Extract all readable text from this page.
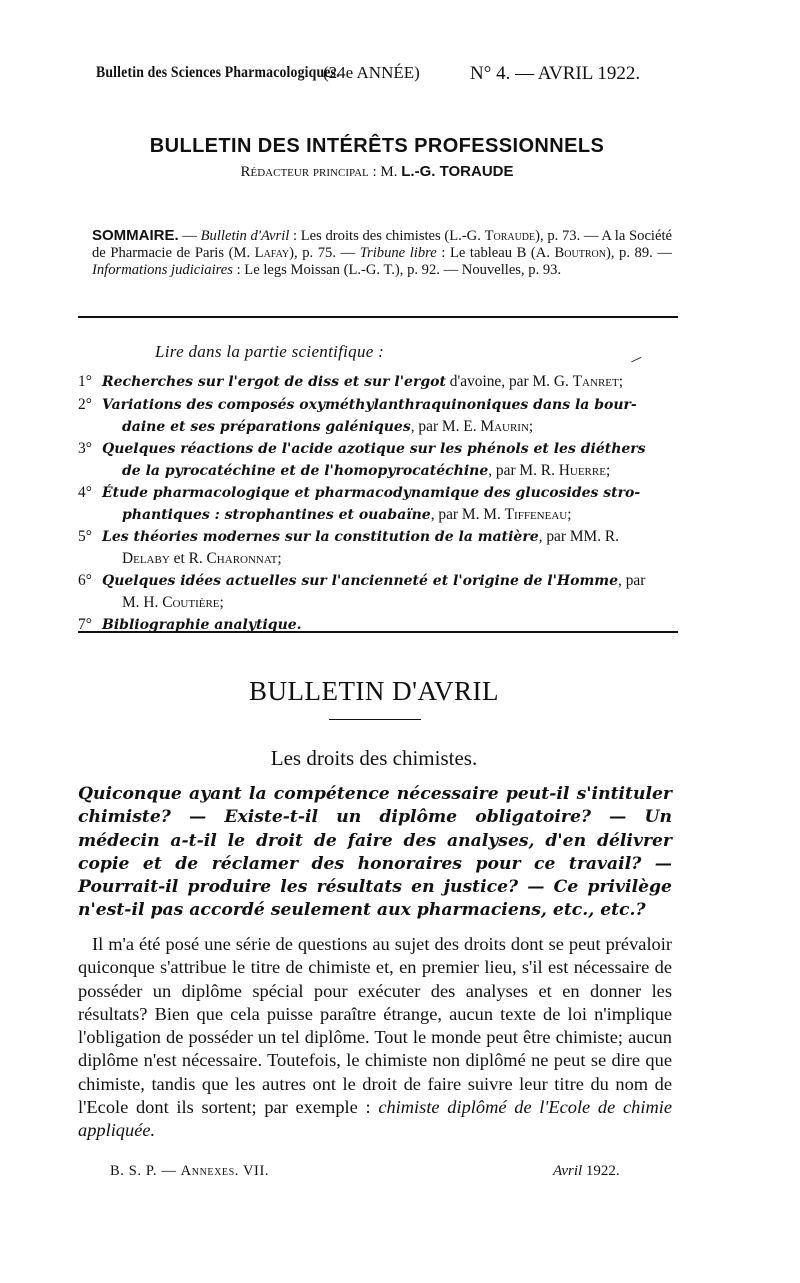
Bulletin des Sciences Pharmacologiques.
(24e ANNÉE)	N° 4. — AVRIL 1922.
BULLETIN DES INTÉRÊTS PROFESSIONNELS
Rédacteur principal : M. L.-G. TORAUDE
SOMMAIRE. — Bulletin d'Avril : Les droits des chimistes (L.-G. Toraude), p. 73. — A la Société de Pharmacie de Paris (M. Lafay), p. 75. — Tribune libre : Le tableau B (A. Boutron), p. 89. — Informations judiciaires : Le legs Moissan (L.-G. T.), p. 92. — Nouvelles, p. 93.
Lire dans la partie scientifique :	—
1° Recherches sur l'ergot de diss et sur l'ergot d'avoine, par M. G. Tanret;
2° Variations des composés oxyméthylanthraquinoniques dans la bour-
daine et ses préparations galéniques, par M. E. Maurin;
3° Quelques réactions de l'acide azotique sur les phénols et les diéthers
de la pyrocatéchine et de l'homopyrocatéchine, par M. R. Huerre;
4° Étude pharmacologique et pharmacodynamique des glucosides stro-
phantiques : strophantines et ouabaïne, par M. M. Tiffeneau;
5° Les théories modernes sur la constitution de la matière, par MM. R.
Delaby et R. Charonnat;
6° Quelques idées actuelles sur l'ancienneté et l'origine de l'Homme, par
M. H. Coutière;
7° Bibliographie analytique.
BULLETIN D'AVRIL
Les droits des chimistes.
Quiconque ayant la compétence nécessaire peut-il s'intituler chimiste? — Existe-t-il un diplôme obligatoire? — Un médecin a-t-il le droit de faire des analyses, d'en délivrer copie et de réclamer des honoraires pour ce travail? — Pourrait-il produire les résultats en justice? — Ce privilège n'est-il pas accordé seulement aux pharmaciens, etc., etc.?
Il m'a été posé une série de questions au sujet des droits dont se peut prévaloir quiconque s'attribue le titre de chimiste et, en premier lieu, s'il est nécessaire de posséder un diplôme spécial pour exécuter des analyses et en donner les résultats? Bien que cela puisse paraître étrange, aucun texte de loi n'implique l'obligation de posséder un tel diplôme. Tout le monde peut être chimiste; aucun diplôme n'est nécessaire. Toutefois, le chimiste non diplômé ne peut se dire que chimiste, tandis que les autres ont le droit de faire suivre leur titre du nom de l'Ecole dont ils sortent; par exemple : chimiste diplômé de l'Ecole de chimie appliquée.
B. S. P. — Annexes. VII.	Avril 1922.
